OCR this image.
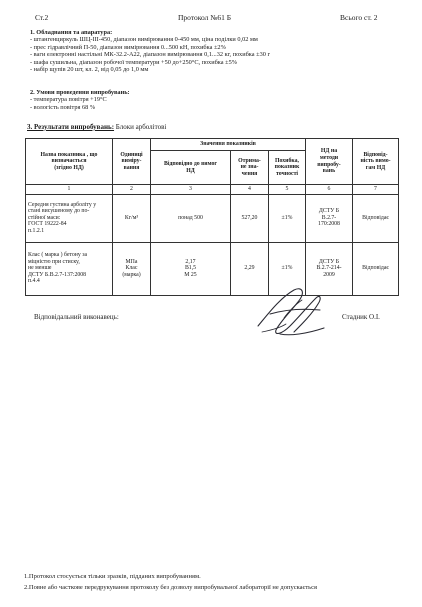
Ст.2	Протокол №61 Б	Всього ст. 2
1. Обладнання та апаратура:
- штангенциркуль ШЦ-ІІІ-450, діапазон вимірювання 0-450 мм, ціна поділки 0,02 мм
- прес гідравлічний П-50, діапазон вимірювання 0...500 кН, похибка ±2%
- ваги електронні настільні МК-32.2-А22, діапазон вимірювання 0,1...32 кг, похибка ±30 г
- шафа сушильна, діапазон робочої температури +50 до+250°С, похибка ±5%
- набір щупів 20 шт, кл. 2, від 0,05 до 1,0 мм
2. Умови проведення випробувань:
- температура повітря +19°С
- вологість повітря 68 %
3. Результати випробувань: Блоки арболітові
Назва показника , що
визначається
(згідно НД)	Одиниці
виміру-
вання	Значення показників			НД на
методи
випробу-
вань	Відповід-
ність вимо-
гам НД
		Відповідно до вимог
НД	Отрима-
не зна-
чення	Похибка,
показник
точності		
1	2	3	4	5	6	7
Середня густина арболіту у
стані висушеному до по-
стійної маси:
ГОСТ 19222-84
п.1.2.1	Кг/м³	понад 500	527,20	±1%	ДСТУ Б
В.2.7-
170:2008	Відповідає
Клас ( марка ) бетону за
міцністю при стиску,
не менше
ДСТУ Б.В.2.7-137:2008
п.4.4	МПа
Клас
(марка)	2,17
В1,5
М 25	2,29	±1%	ДСТУ Б
В.2.7-214-
2009	Відповідає
Відповідальний виконавець:	Стадник О.І.
1.Протокол стосується тільки зразків, підданих випробуванням.
2.Повне або часткове передрукування протоколу без дозволу випробувальної лабораторії не допускається
